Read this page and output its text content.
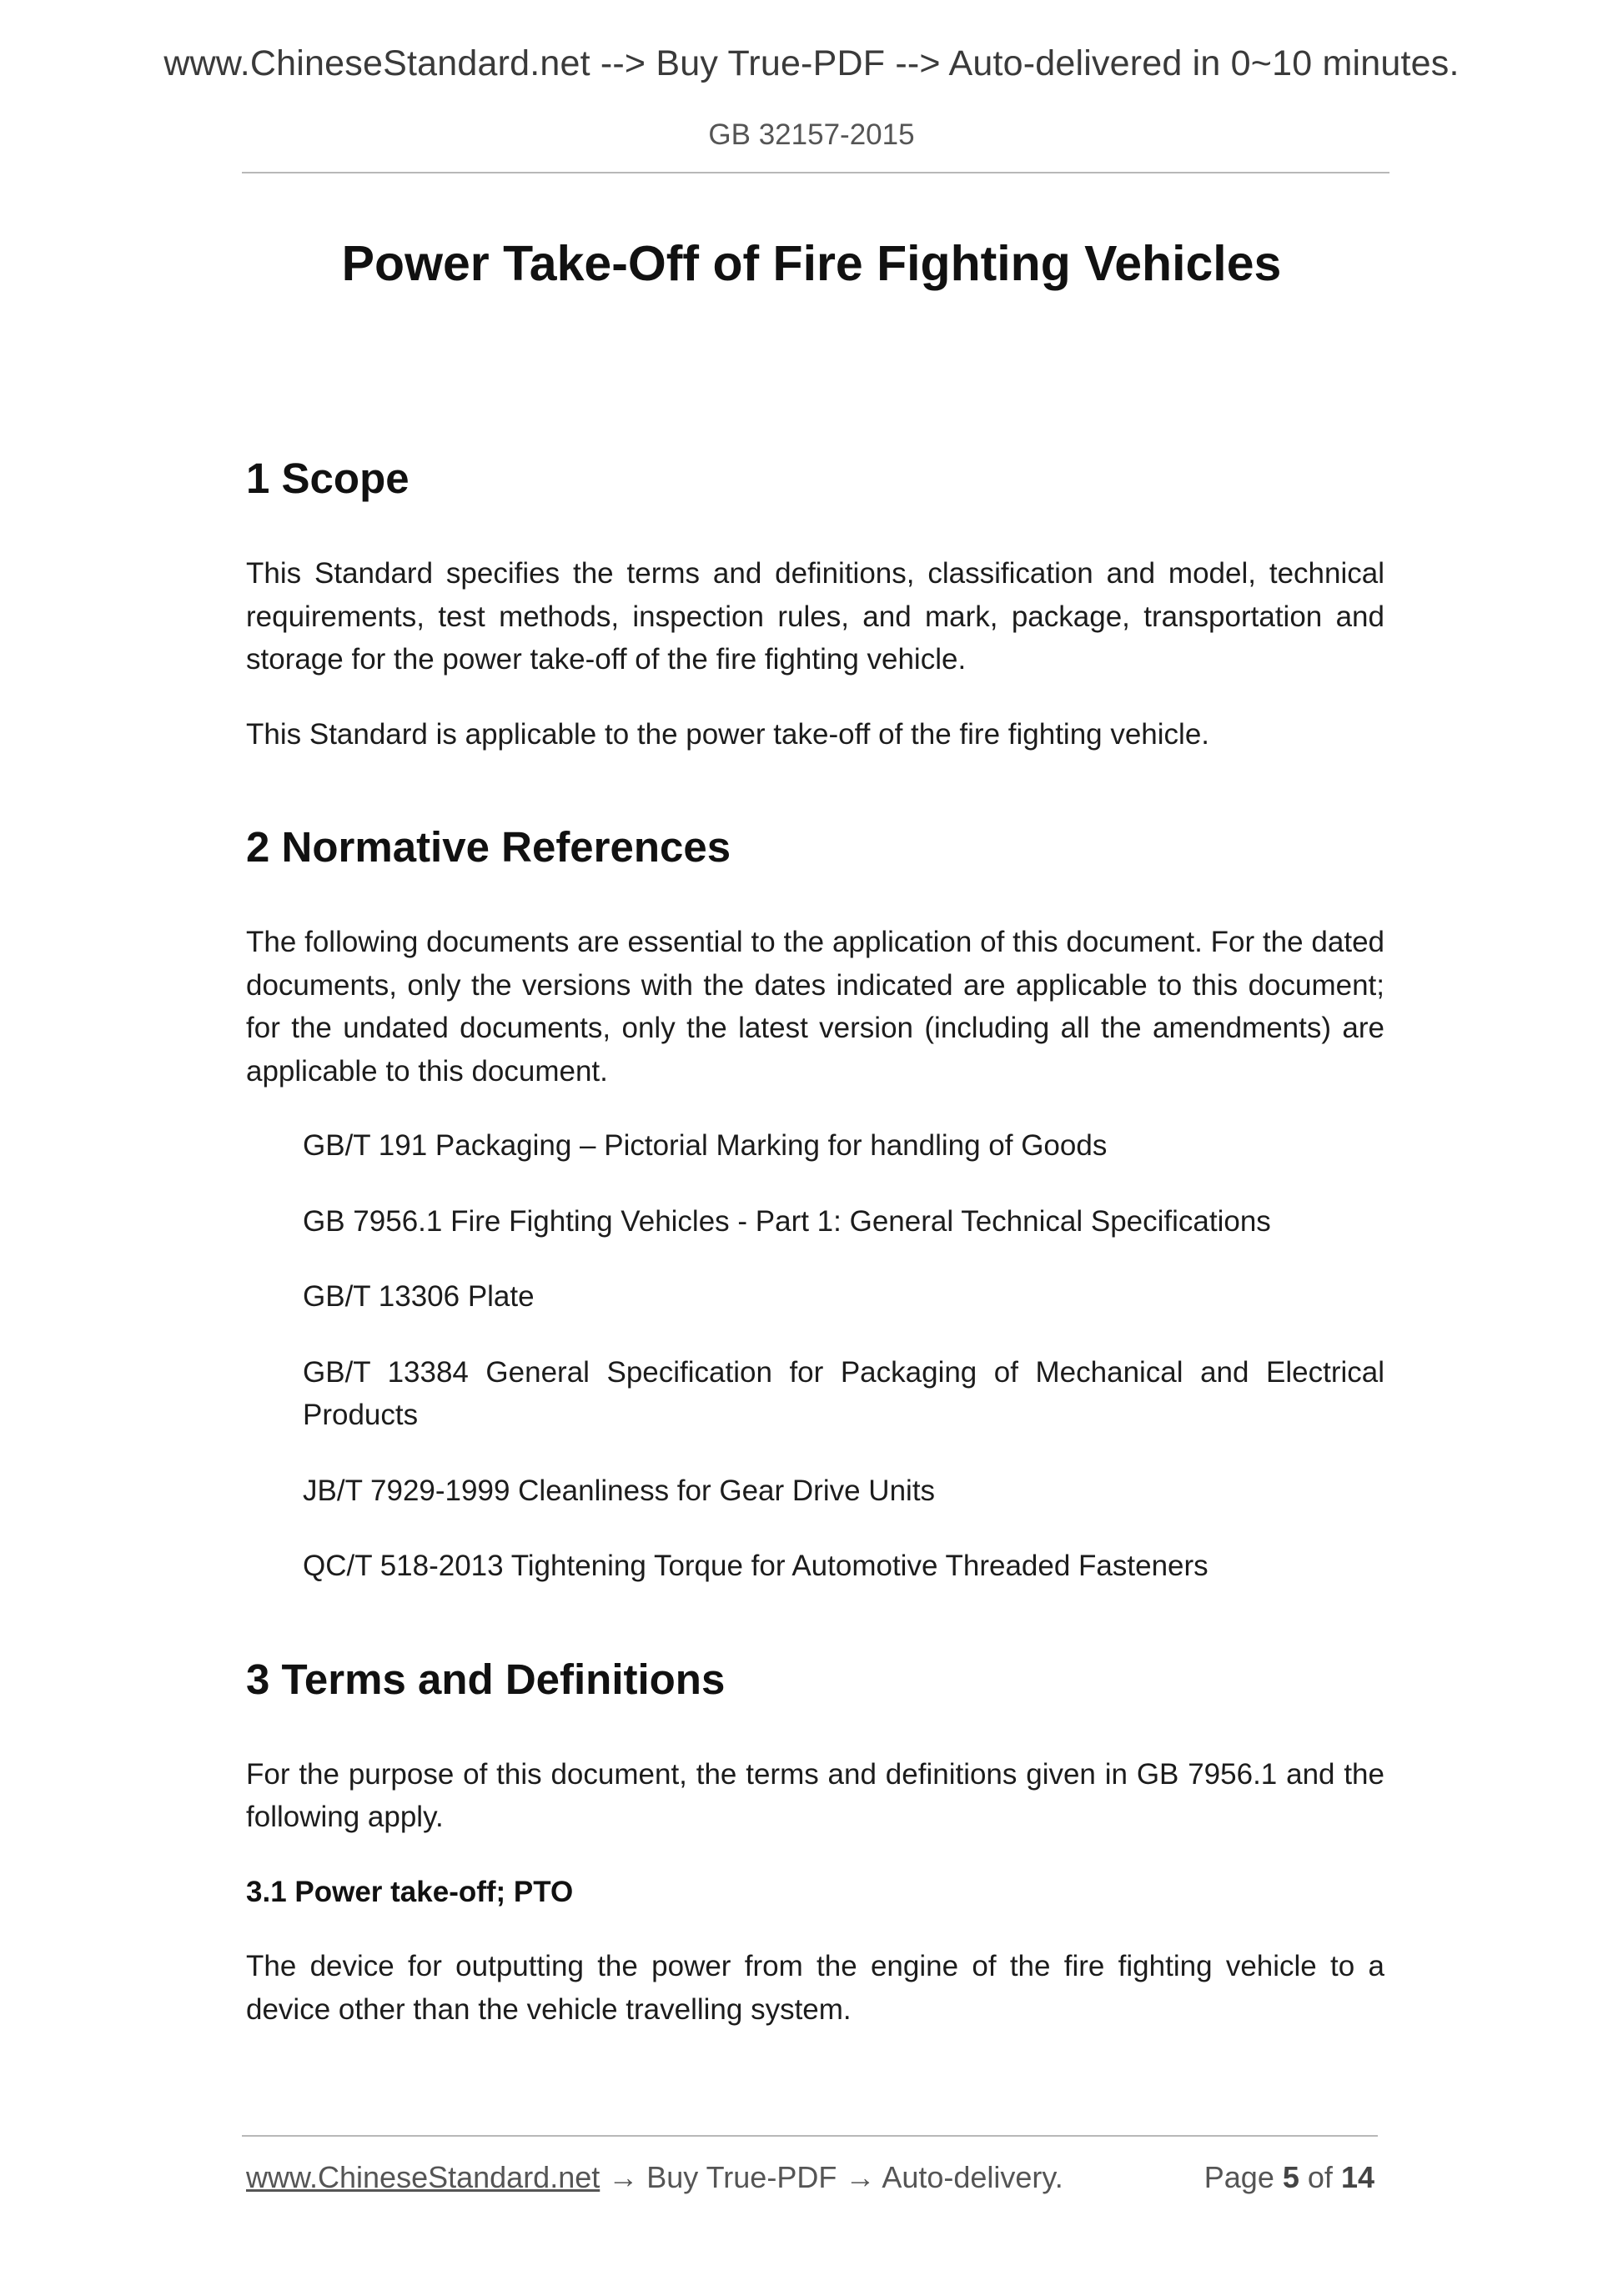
www.ChineseStandard.net --> Buy True-PDF --> Auto-delivered in 0~10 minutes.
GB 32157-2015
Power Take-Off of Fire Fighting Vehicles
1 Scope

This Standard specifies the terms and definitions, classification and model, technical requirements, test methods, inspection rules, and mark, package, transportation and storage for the power take-off of the fire fighting vehicle.

This Standard is applicable to the power take-off of the fire fighting vehicle.

2 Normative References

The following documents are essential to the application of this document. For the dated documents, only the versions with the dates indicated are applicable to this document; for the undated documents, only the latest version (including all the amendments) are applicable to this document.

GB/T 191 Packaging – Pictorial Marking for handling of Goods
GB 7956.1 Fire Fighting Vehicles - Part 1: General Technical Specifications
GB/T 13306 Plate
GB/T 13384 General Specification for Packaging of Mechanical and Electrical Products
JB/T 7929-1999 Cleanliness for Gear Drive Units
QC/T 518-2013 Tightening Torque for Automotive Threaded Fasteners
3 Terms and Definitions

For the purpose of this document, the terms and definitions given in GB 7956.1 and the following apply.

3.1 Power take-off; PTO

The device for outputting the power from the engine of the fire fighting vehicle to a device other than the vehicle travelling system.

www.ChineseStandard.net → Buy True-PDF → Auto-delivery.	Page 5 of 14
